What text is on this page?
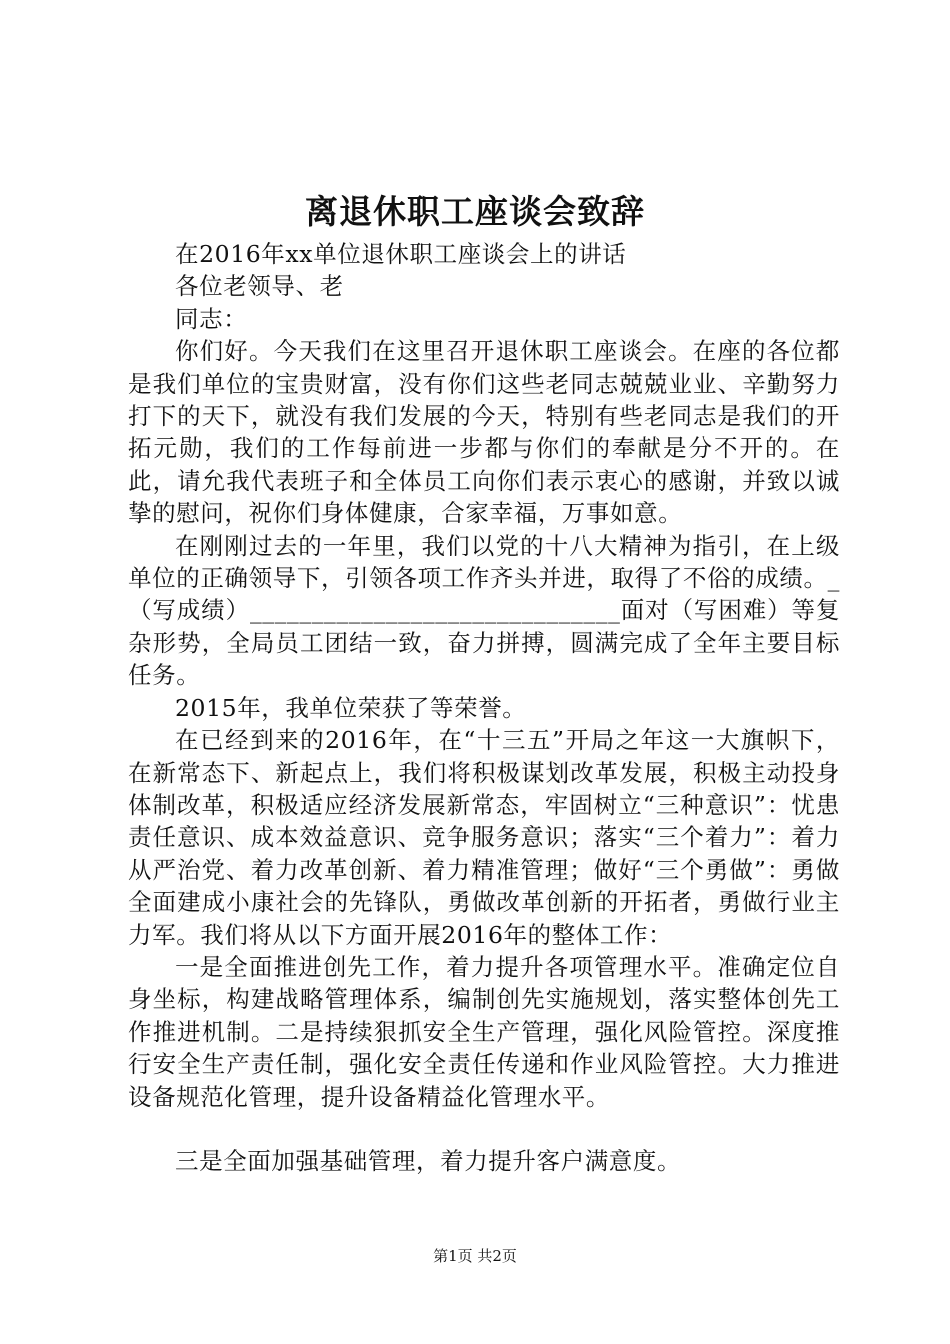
离退休职工座谈会致辞

在2016年xx单位退休职工座谈会上的讲话

各位老领导、老

同志：

你们好。今天我们在这里召开退休职工座谈会。在座的各位都是我们单位的宝贵财富，没有你们这些老同志兢兢业业、辛勤努力打下的天下，就没有我们发展的今天，特别有些老同志是我们的开拓元勋，我们的工作每前进一步都与你们的奉献是分不开的。在此，请允我代表班子和全体员工向你们表示衷心的感谢，并致以诚挚的慰问，祝你们身体健康，合家幸福，万事如意。

在刚刚过去的一年里，我们以党的十八大精神为指引，在上级单位的正确领导下，引领各项工作齐头并进，取得了不俗的成绩。_（写成绩）______________________________面对（写困难）等复杂形势，全局员工团结一致，奋力拼搏，圆满完成了全年主要目标任务。

2015年，我单位荣获了等荣誉。

在已经到来的2016年，在“十三五”开局之年这一大旗帜下，在新常态下、新起点上，我们将积极谋划改革发展，积极主动投身体制改革，积极适应经济发展新常态，牢固树立“三种意识”：忧患责任意识、成本效益意识、竞争服务意识；落实“三个着力”：着力从严治党、着力改革创新、着力精准管理；做好“三个勇做”：勇做全面建成小康社会的先锋队，勇做改革创新的开拓者，勇做行业主力军。我们将从以下方面开展2016年的整体工作：

一是全面推进创先工作，着力提升各项管理水平。准确定位自身坐标，构建战略管理体系，编制创先实施规划，落实整体创先工作推进机制。二是持续狠抓安全生产管理，强化风险管控。深度推行安全生产责任制，强化安全责任传递和作业风险管控。大力推进设备规范化管理，提升设备精益化管理水平。

三是全面加强基础管理，着力提升客户满意度。

第1页 共2页
